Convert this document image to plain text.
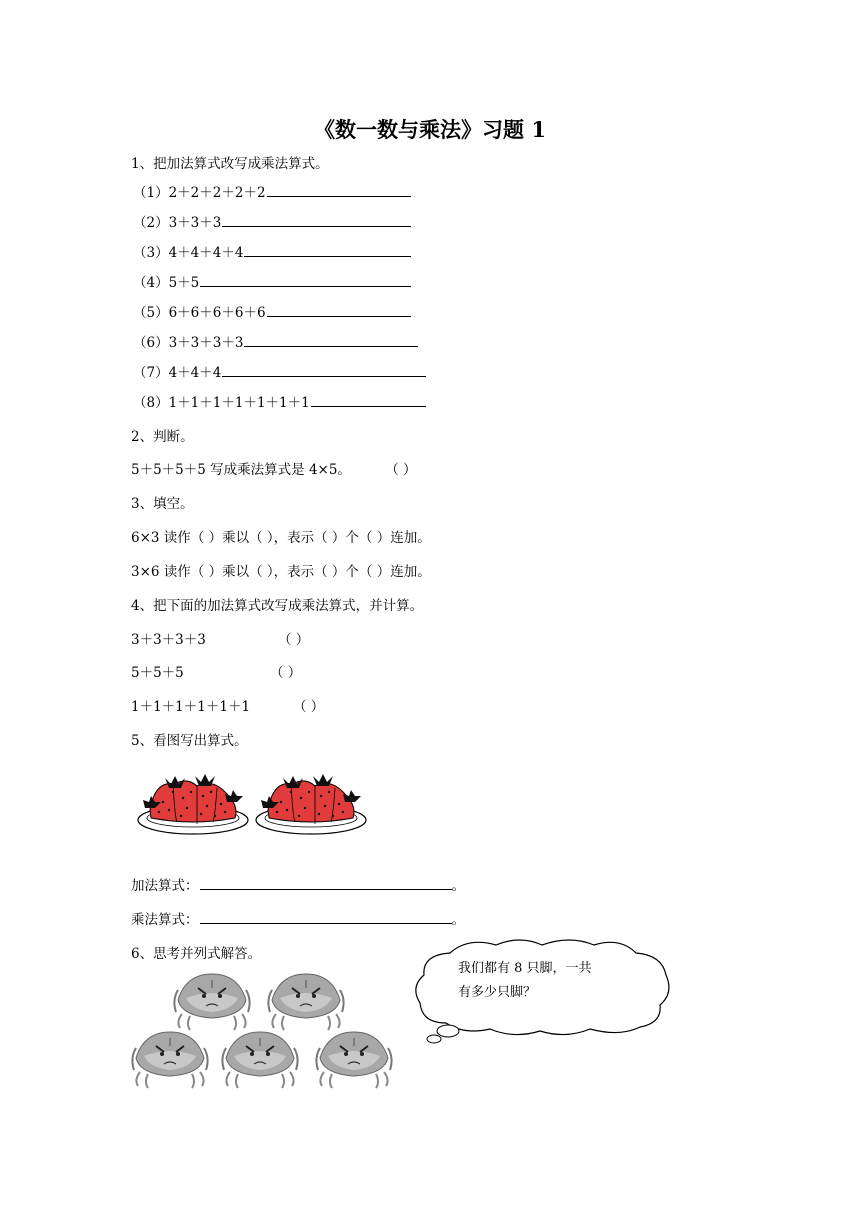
《数一数与乘法》习题 1
1、把加法算式改写成乘法算式。
（1）2＋2＋2＋2＋2
（2）3＋3＋3
（3）4＋4＋4＋4
（4）5＋5
（5）6＋6＋6＋6＋6
（6）3＋3＋3＋3
（7）4＋4＋4
（8）1＋1＋1＋1＋1＋1＋1
2、判断。
5＋5＋5＋5 写成乘法算式是 4×5。	（ ）
3、填空。
6×3 读作（ ）乘以（ ），表示（ ）个（ ）连加。
3×6 读作（ ）乘以（ ），表示（ ）个（ ）连加。
4、把下面的加法算式改写成乘法算式，并计算。
3＋3＋3＋3	（ ）
5＋5＋5	（ ）
1＋1＋1＋1＋1＋1	（ ）
5、看图写出算式。
加法算式：	。
乘法算式：	。
6、思考并列式解答。
我们都有 8 只脚，一共
有多少只脚？
